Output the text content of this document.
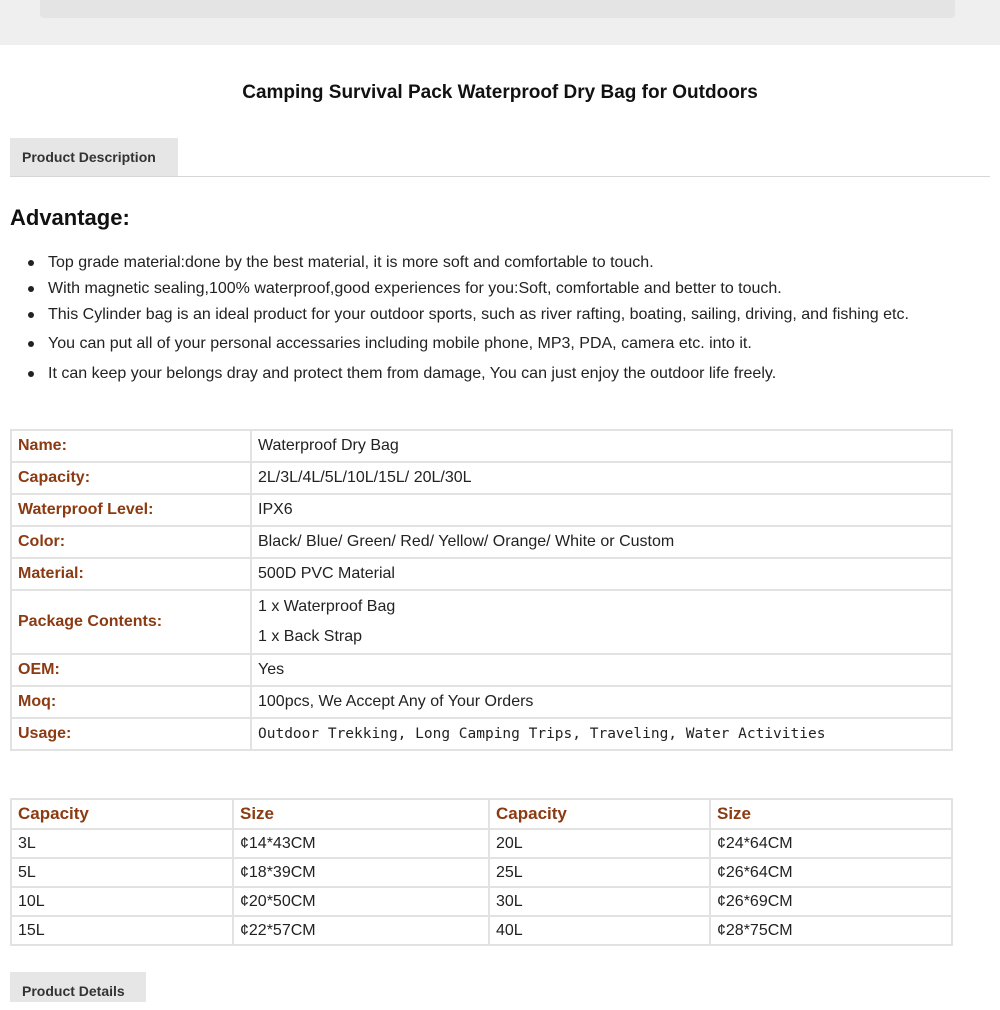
Camping Survival Pack Waterproof Dry Bag for Outdoors
Product Description
Advantage:
Top grade material:done by the best material, it is more soft and comfortable to touch.
With magnetic sealing,100% waterproof,good experiences for you:Soft, comfortable and better to touch.
This Cylinder bag is an ideal product for your outdoor sports, such as river rafting, boating, sailing, driving, and fishing etc.
You can put all of your personal accessaries including mobile phone, MP3, PDA, camera etc. into it.
It can keep your belongs dray and protect them from damage, You can just enjoy the outdoor life freely.
Name:	Waterproof Dry Bag
Capacity:	2L/3L/4L/5L/10L/15L/ 20L/30L
Waterproof Level:	IPX6
Color:	Black/ Blue/ Green/ Red/ Yellow/ Orange/ White or Custom
Material:	500D PVC Material
Package Contents:	1 x Waterproof Bag
1 x Back Strap

OEM:	Yes
Moq:	100pcs, We Accept Any of Your Orders
Usage:	Outdoor Trekking, Long Camping Trips, Traveling, Water Activities
Capacity	Size	Capacity	Size
3L	¢14*43CM	20L	¢24*64CM
5L	¢18*39CM	25L	¢26*64CM
10L	¢20*50CM	30L	¢26*69CM
15L	¢22*57CM	40L	¢28*75CM
Product Details
